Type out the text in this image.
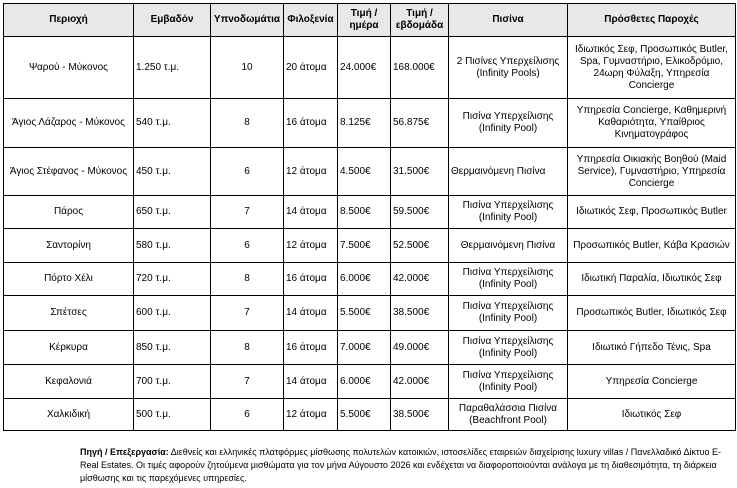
Περιοχή	Εμβαδόν	Υπνοδωμάτια	Φιλοξενία	Τιμή / ημέρα	Τιμή / εβδομάδα	Πισίνα	Πρόσθετες Παροχές
Ψαρού - Μύκονος	1.250 τ.μ.	10	20 άτομα	24.000€	168.000€	2 Πισίνες Υπερχείλισης (Infinity Pools)	Ιδιωτικός Σεφ, Προσωπικός Butler, Spa, Γυμναστήριο, Ελικοδρόμιο, 24ωρη Φύλαξη, Υπηρεσία Concierge
Άγιος Λάζαρος - Μύκονος	540 τ.μ.	8	16 άτομα	8.125€	56.875€	Πισίνα Υπερχείλισης (Infinity Pool)	Υπηρεσία Concierge, Καθημερινή Καθαριότητα, Υπαίθριος Κινηματογράφος
Άγιος Στέφανος - Μύκονος	450 τ.μ.	6	12 άτομα	4.500€	31.500€	Θερμαινόμενη Πισίνα	Υπηρεσία Οικιακής Βοηθού (Maid Service), Γυμναστήριο, Υπηρεσία Concierge
Πάρος	650 τ.μ.	7	14 άτομα	8.500€	59.500€	Πισίνα Υπερχείλισης (Infinity Pool)	Ιδιωτικός Σεφ, Προσωπικός Butler
Σαντορίνη	580 τ.μ.	6	12 άτομα	7.500€	52.500€	Θερμαινόμενη Πισίνα	Προσωπικός Butler, Κάβα Κρασιών
Πόρτο Χέλι	720 τ.μ.	8	16 άτομα	6.000€	42.000€	Πισίνα Υπερχείλισης (Infinity Pool)	Ιδιωτική Παραλία, Ιδιωτικός Σεφ
Σπέτσες	600 τ.μ.	7	14 άτομα	5.500€	38.500€	Πισίνα Υπερχείλισης (Infinity Pool)	Προσωπικός Butler, Ιδιωτικός Σεφ
Κέρκυρα	850 τ.μ.	8	16 άτομα	7.000€	49.000€	Πισίνα Υπερχείλισης (Infinity Pool)	Ιδιωτικό Γήπεδο Τένις, Spa
Κεφαλονιά	700 τ.μ.	7	14 άτομα	6.000€	42.000€	Πισίνα Υπερχείλισης (Infinity Pool)	Υπηρεσία Concierge
Χαλκιδική	500 τ.μ.	6	12 άτομα	5.500€	38.500€	Παραθαλάσσια Πισίνα (Beachfront Pool)	Ιδιωτικός Σεφ
Πηγή / Επεξεργασία: Διεθνείς και ελληνικές πλατφόρμες μίσθωσης πολυτελών κατοικιών, ιστοσελίδες εταιρειών διαχείρισης luxury villas / Πανελλαδικό Δίκτυο E-Real Estates. Οι τιμές αφορούν ζητούμενα μισθώματα για τον μήνα Αύγουστο 2026 και ενδέχεται να διαφοροποιούνται ανάλογα με τη διαθεσιμότητα, τη διάρκεια μίσθωσης και τις παρεχόμενες υπηρεσίες.
